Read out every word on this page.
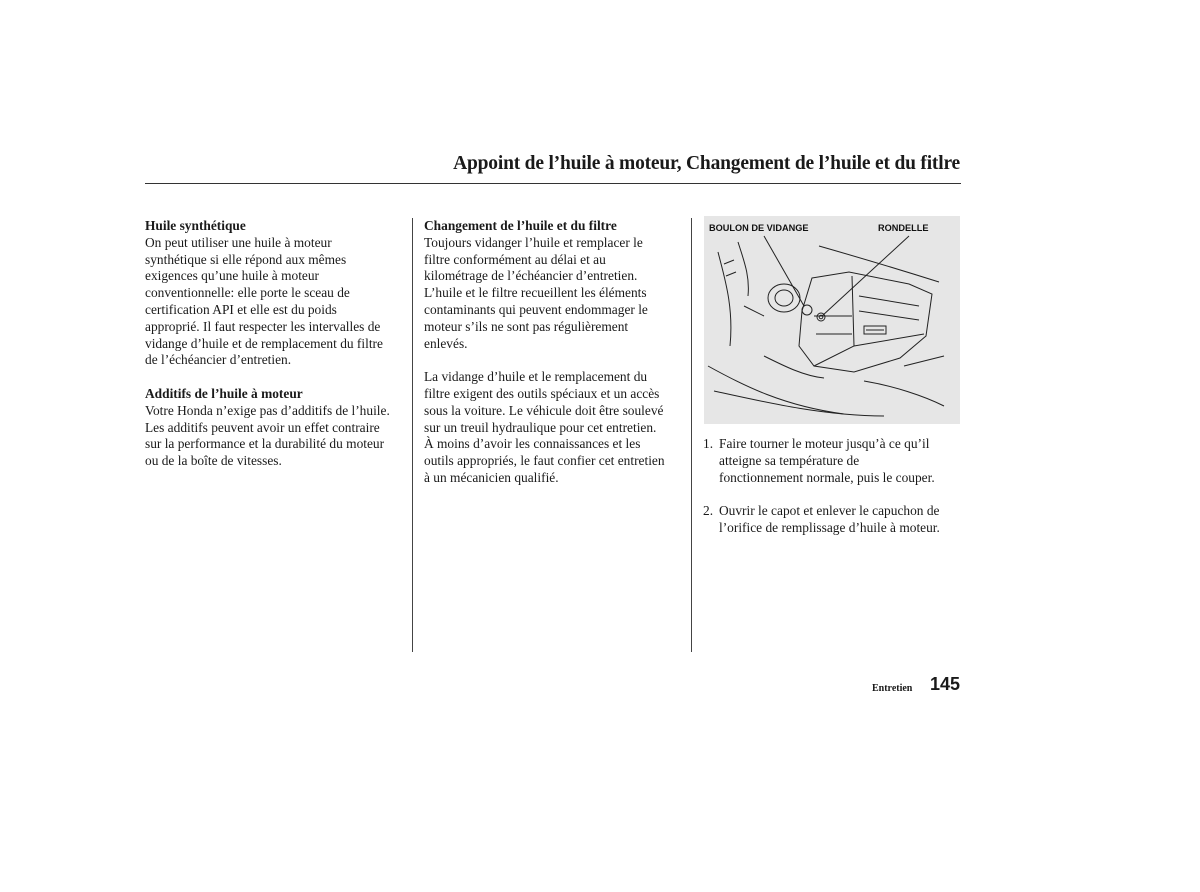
Appoint de l’huile à moteur, Changement de l’huile et du fitlre

Huile synthétique

On peut utiliser une huile à moteur

synthétique si elle répond aux mêmes

exigences qu’une huile à moteur

conventionnelle: elle porte le sceau de

certification API et elle est du poids

approprié. Il faut respecter les intervalles de

vidange d’huile et de remplacement du filtre

de l’échéancier d’entretien.

Additifs de l’huile à moteur

Votre Honda n’exige pas d’additifs de l’huile.

Les additifs peuvent avoir un effet contraire

sur la performance et la durabilité du moteur

ou de la boîte de vitesses.

Changement de l’huile et du filtre

Toujours vidanger l’huile et remplacer le

filtre conformément au délai et au

kilométrage de l’échéancier d’entretien.

L’huile et le filtre recueillent les éléments

contaminants qui peuvent endommager le

moteur s’ils ne sont pas régulièrement

enlevés.

La vidange d’huile et le remplacement du

filtre exigent des outils spéciaux et un accès

sous la voiture. Le véhicule doit être soulevé

sur un treuil hydraulique pour cet entretien.

À moins d’avoir les connaissances et les

outils appropriés, le faut confier cet entretien

à un mécanicien qualifié.

BOULON DE VIDANGE	RONDELLE
1. Faire tourner le moteur jusqu’à ce qu’il

atteigne sa température de

fonctionnement normale, puis le couper.

2. Ouvrir le capot et enlever le capuchon de

l’orifice de remplissage d’huile à moteur.

Entretien 145
